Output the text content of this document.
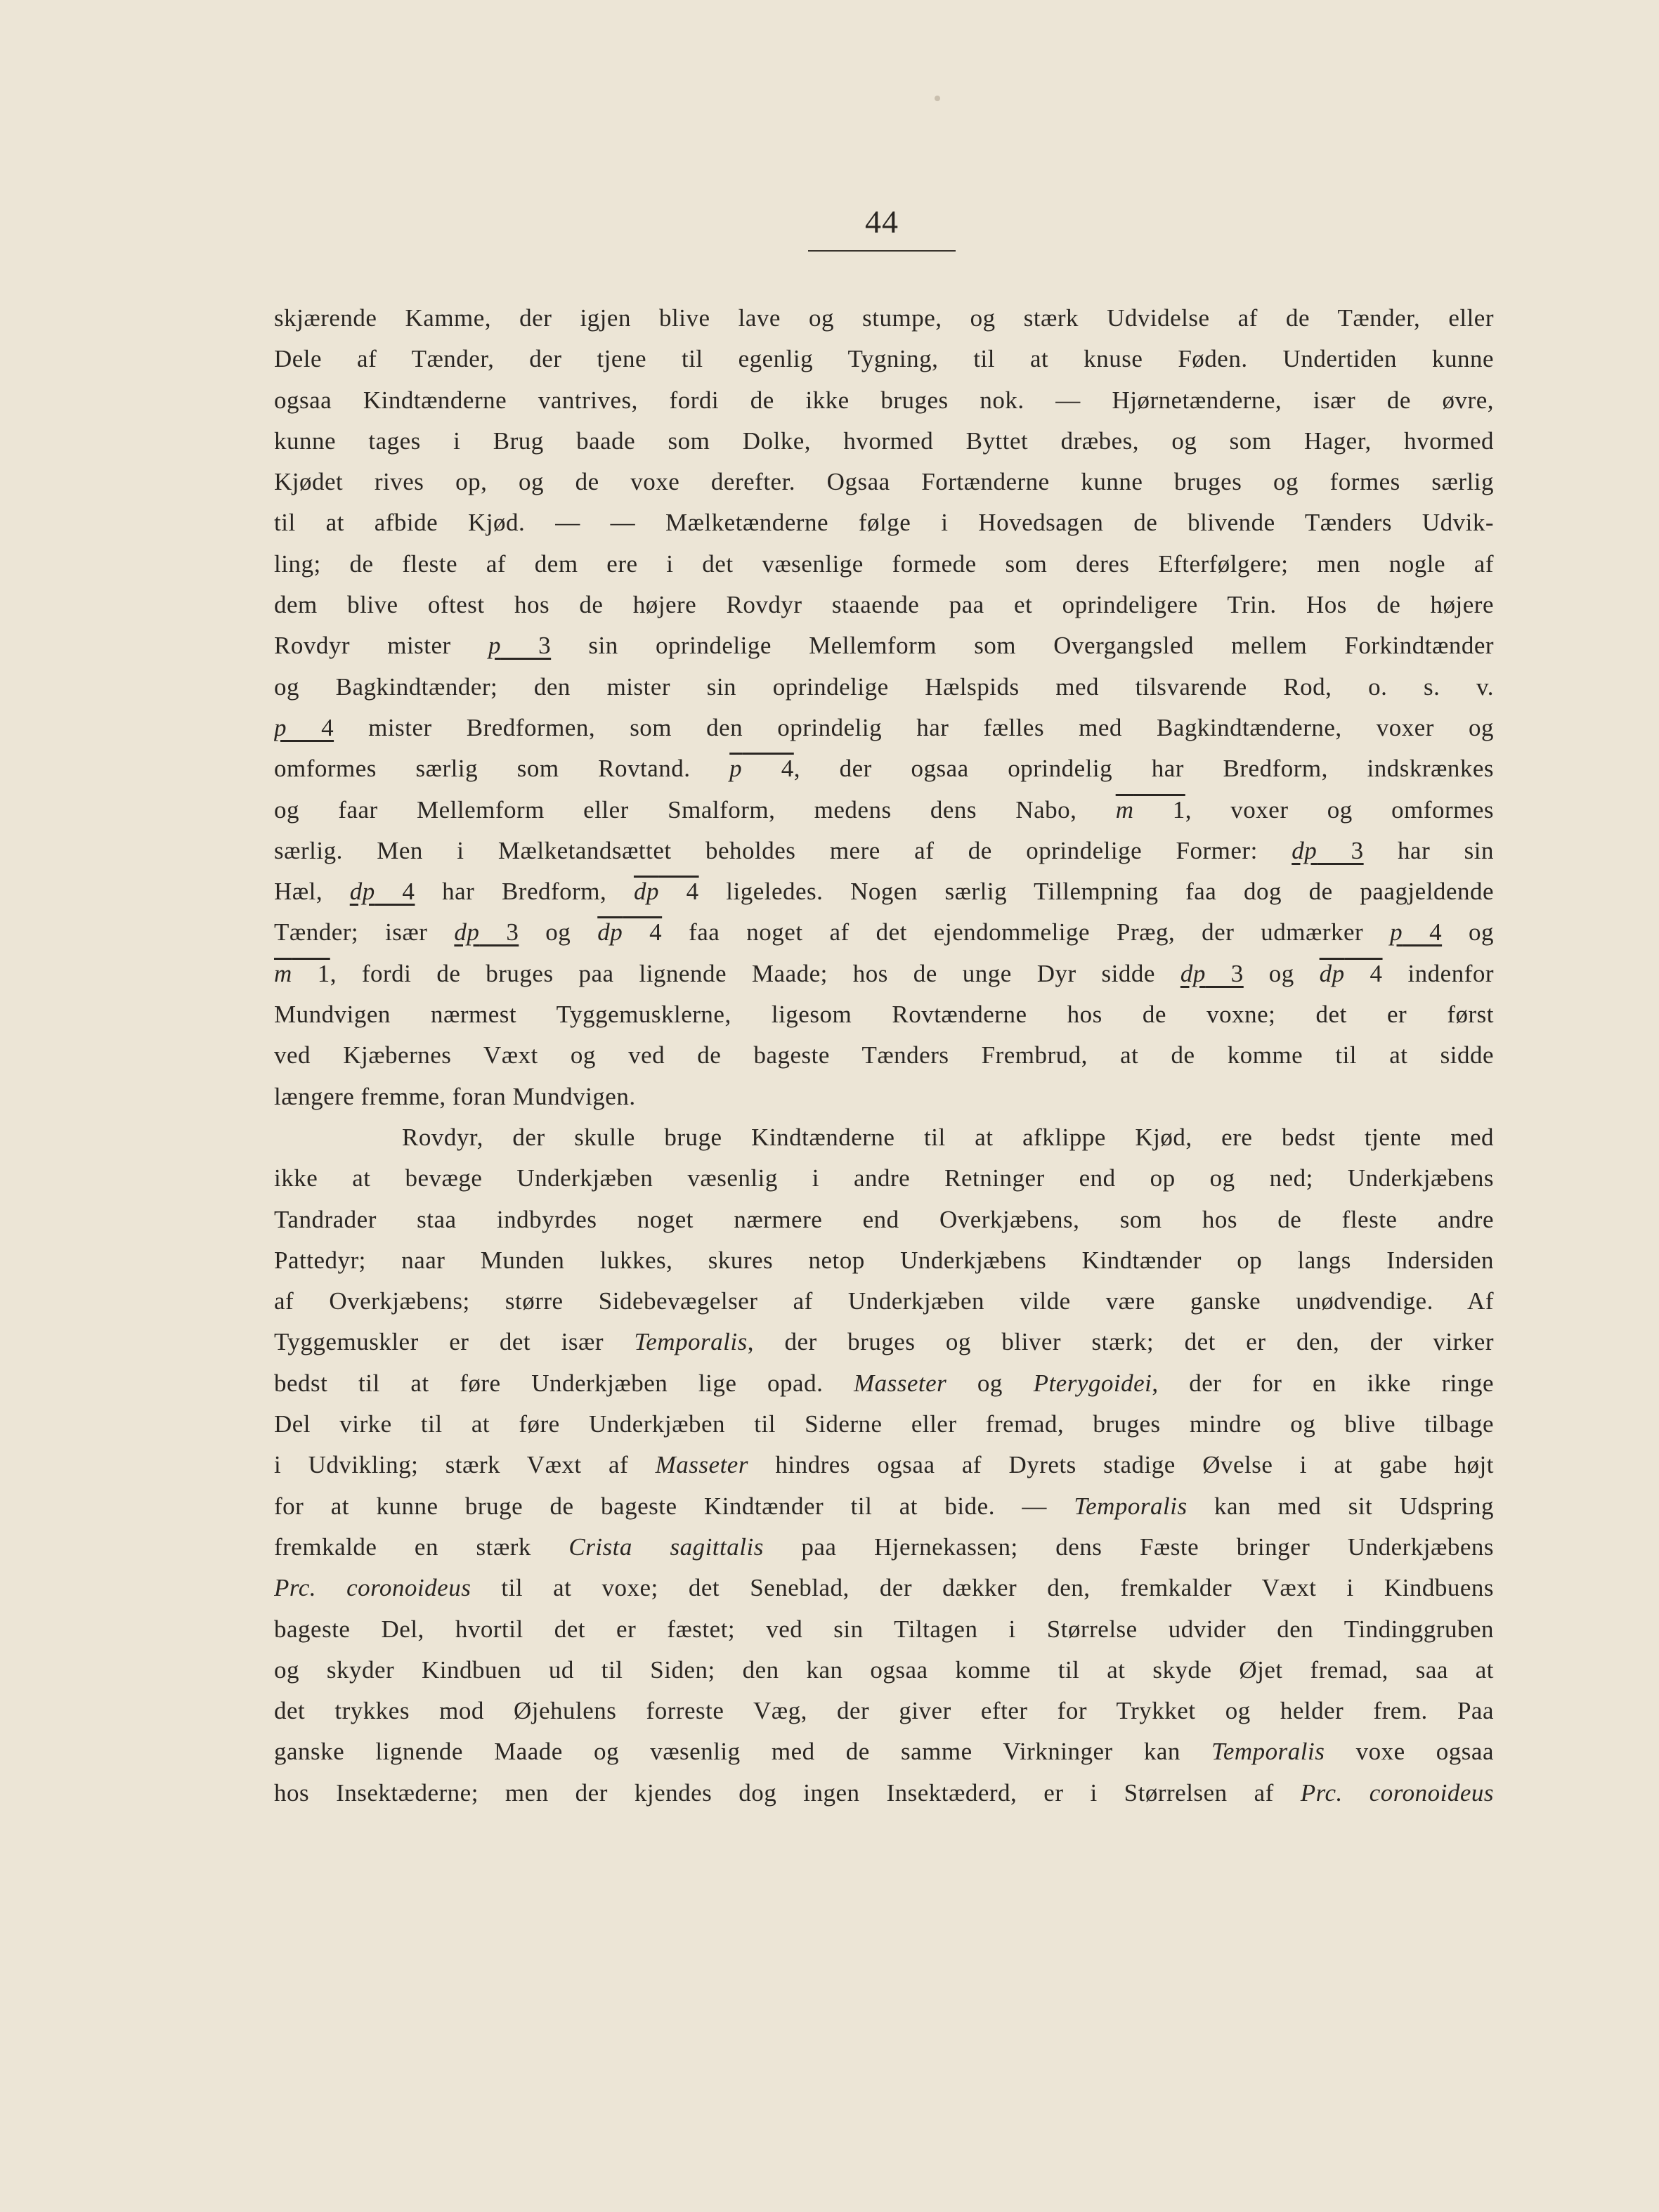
44
skjærende Kamme, der igjen blive lave og stumpe, og stærk Udvidelse af de Tænder, eller
Dele af Tænder, der tjene til egenlig Tygning, til at knuse Føden. Undertiden kunne
ogsaa Kindtænderne vantrives, fordi de ikke bruges nok. — Hjørnetænderne, især de øvre,
kunne tages i Brug baade som Dolke, hvormed Byttet dræbes, og som Hager, hvormed
Kjødet rives op, og de voxe derefter. Ogsaa Fortænderne kunne bruges og formes særlig
til at afbide Kjød. — — Mælketænderne følge i Hovedsagen de blivende Tænders Udvik-
ling; de fleste af dem ere i det væsenlige formede som deres Efterfølgere; men nogle af
dem blive oftest hos de højere Rovdyr staaende paa et oprindeligere Trin. Hos de højere
Rovdyr mister p 3 sin oprindelige Mellemform som Overgangsled mellem Forkindtænder
og Bagkindtænder; den mister sin oprindelige Hælspids med tilsvarende Rod, o. s. v.
p 4 mister Bredformen, som den oprindelig har fælles med Bagkindtænderne, voxer og
omformes særlig som Rovtand. $\overline{p}$ 4, der ogsaa oprindelig har Bredform, indskrænkes
og faar Mellemform eller Smalform, medens dens Nabo, $\overline{m}$ 1, voxer og omformes
særlig. Men i Mælketandsættet beholdes mere af de oprindelige Former: dp 3 har sin
Hæl, dp 4 har Bredform, $\overline{dp}$ 4 ligeledes. Nogen særlig Tillempning faa dog de paagjeldende
Tænder; især dp 3 og $\overline{dp}$ 4 faa noget af det ejendommelige Præg, der udmærker p 4 og
$\overline{m}$ 1, fordi de bruges paa lignende Maade; hos de unge Dyr sidde dp 3 og $\overline{dp}$ 4 indenfor
Mundvigen nærmest Tyggemusklerne, ligesom Rovtænderne hos de voxne; det er først
ved Kjæbernes Væxt og ved de bageste Tænders Frembrud, at de komme til at sidde
længere fremme, foran Mundvigen.
Rovdyr, der skulle bruge Kindtænderne til at afklippe Kjød, ere bedst tjente med
ikke at bevæge Underkjæben væsenlig i andre Retninger end op og ned; Underkjæbens
Tandrader staa indbyrdes noget nærmere end Overkjæbens, som hos de fleste andre
Pattedyr; naar Munden lukkes, skures netop Underkjæbens Kindtænder op langs Indersiden
af Overkjæbens; større Sidebevægelser af Underkjæben vilde være ganske unødvendige. Af
Tyggemuskler er det især Temporalis, der bruges og bliver stærk; det er den, der virker
bedst til at føre Underkjæben lige opad. Masseter og Pterygoidei, der for en ikke ringe
Del virke til at føre Underkjæben til Siderne eller fremad, bruges mindre og blive tilbage
i Udvikling; stærk Væxt af Masseter hindres ogsaa af Dyrets stadige Øvelse i at gabe højt
for at kunne bruge de bageste Kindtænder til at bide. — Temporalis kan med sit Udspring
fremkalde en stærk Crista sagittalis paa Hjernekassen; dens Fæste bringer Underkjæbens
Prc. coronoideus til at voxe; det Seneblad, der dækker den, fremkalder Væxt i Kindbuens
bageste Del, hvortil det er fæstet; ved sin Tiltagen i Størrelse udvider den Tindinggruben
og skyder Kindbuen ud til Siden; den kan ogsaa komme til at skyde Øjet fremad, saa at
det trykkes mod Øjehulens forreste Væg, der giver efter for Trykket og helder frem. Paa
ganske lignende Maade og væsenlig med de samme Virkninger kan Temporalis voxe ogsaa
hos Insektæderne; men der kjendes dog ingen Insektæderd, er i Størrelsen af Prc. coronoideus
